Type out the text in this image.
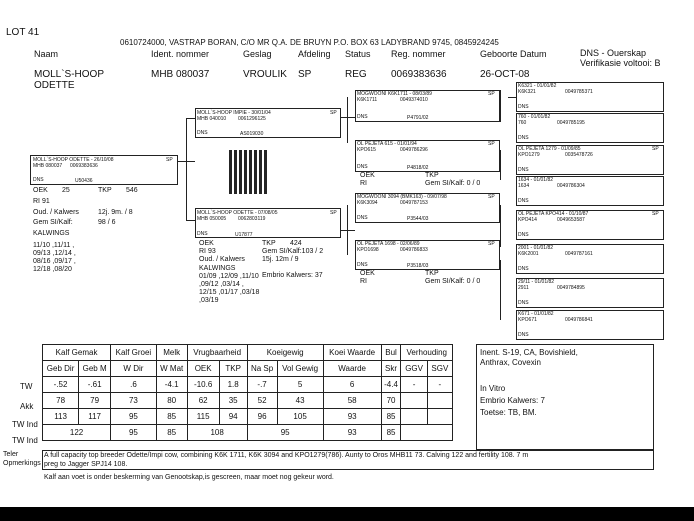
LOT 41
0610724000, VASTRAP BORAN, C/O MR Q.A. DE BRUYN P.O. BOX 63 LADYBRAND 9745, 0845924245
Naam	Ident. nommer	Geslag	Afdeling Status Reg. nommer	Geboorte Datum	DNS - Ouerskap
Verifikasie voltooi: B
MOLL`S-HOOP
ODETTE
MHB 080037	VROULIK SP	REG 0069383636	26-OCT-08
MOLL`S-HOOP ODETTE - 26/10/08	SP
MHB 080037 0069383636
DNS	U50436
OEK 25	TKP 546
RI 91
Oud. / Kalwers	12j. 9m. / 8
Gem SI/Kalf:	98 / 6
KALWINGS
11/10 ,11/11 ,
09/13 ,12/14 ,
08/16 ,09/17 ,
12/18 ,08/20
MOLL`S-HOOP IMPIE - 30/01/04	SP
MHB 040010 0061296125
DNS	AS019030
MOLL`S-HOOP ODETTE - 07/08/05	SP
MHB 050005 0062803119
DNS	U17877
OEK	TKP 424
RI 93	Gem SI/Kalf:103 / 2
Oud. / Kalwers 15j. 12m / 9
KALWINGS
Embrio Kalwers: 37
01/09 ,12/09 ,11/10
,09/12 ,03/14 ,
12/15 ,01/17 ,03/18
,03/19
MOGWOONI K6K1711 - 08/03/89	SP
K6K1711	0049374010
DNS	P4791/02
OL PEJETA 615 - 01/01/94	SP
KPO615	0049786296
DNS	P4818/02
OEK	TKP
RI	Gem SI/Kalf: 0 / 0
MOGWOONI 3094 (BMK163) - 09/07/98	SP
K6K3094	0049787153
DNS	P3544/03
OL PEJETA 1698 - 02/06/89	SP
KPO1698	0049786833
DNS	P3518/03
OEK	TKP
RI	Gem SI/Kalf: 0 / 0
K6321 - 01/01/82
K6K321	0049785371
DNS
760 - 01/01/82
760	0049785195
DNS
OL PEJETA 1279 - 01/09/85	SP
KPO1279	0035478726
DNS
1634 - 01/01/82
1634	0049786304
DNS
OL PEJETA KPO414 - 01/10/87	SP
KPO414	0049653587
DNS
2001 - 01/01/82
K6K2001	0049787161
DNS
29/11 - 01/01/82
2911	0049784895
DNS
K671 - 01/01/82
KPO671	0049786841
DNS
TW
Akk
TW Ind
TW Ind
Kalf Gemak		Kalf Groei	Melk	Vrugbaarheid		Koeigewig		Koei Waarde	Bul	Verhouding	
Geb Dir	Geb M	W Dir	W Mat	OEK	TKP	Na Sp	Vol Gewig	Waarde	Skr	GGV	SGV
-.52	-.61	.6	-4.1	-10.6	1.8	-.7	5	6	-4.4	-	-
78	79	73	80	62	35	52	43	58	70		
113	117	95	85	115	94	96	105	93	85		
122		95	85	108		95		93	85		
Inent. S-19, CA, Bovishield,
Anthrax, Covexin
In Vitro
Embrio Kalwers: 7
Toetse: TB, BM.
Teler
Opmerkings
A full capacity top breeder Odette/Impi cow, combining K6K 1711, K6K 3094 and KPO1279(786). Aunty to Oros MHB11 73. Calving 122 and fertility 108. 7 m
preg to Jagger SPJ14 108.
Kalf aan voet is onder beskerming van Genootskap,is gescreen, maar moet nog gekeur word.
